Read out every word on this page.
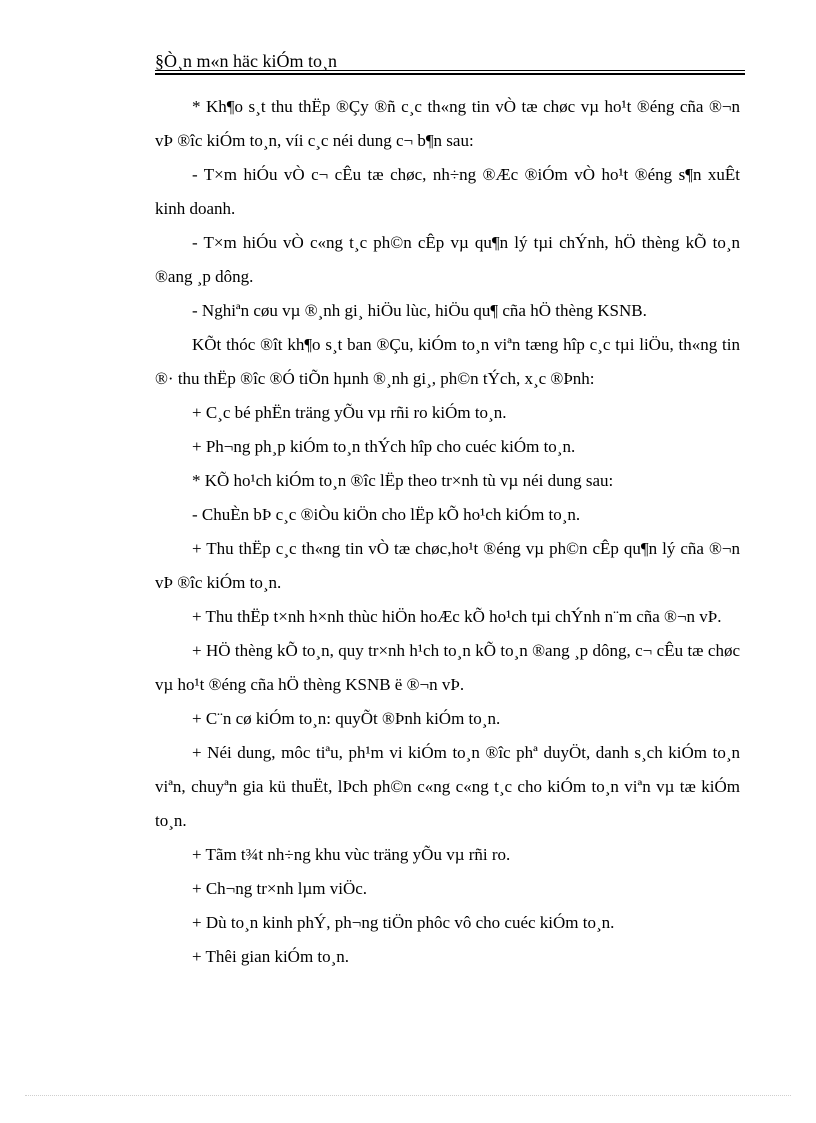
§Ò¸n m«n häc kiÓm to¸n

* Kh¶o s¸t thu thËp ®Çy ®ñ c¸c th«ng tin vÒ tæ chøc vµ ho¹t ®éng cña ®¬n vÞ ®îc kiÓm to¸n, víi c¸c néi dung c¬ b¶n sau:

- T×m hiÓu vÒ c¬ cÊu tæ chøc, nh÷ng ®Æc ®iÓm vÒ ho¹t ®éng s¶n xuÊt kinh doanh.

- T×m hiÓu vÒ c«ng t¸c ph©n cÊp vµ qu¶n lý tµi chÝnh, hÖ thèng kÕ to¸n ®ang ¸p dông.

- Nghiªn cøu vµ ®¸nh gi¸ hiÖu lùc, hiÖu qu¶ cña hÖ thèng KSNB.

KÕt thóc ®ît kh¶o s¸t ban ®Çu, kiÓm to¸n viªn tæng hîp c¸c tµi liÖu, th«ng tin ®· thu thËp ®îc ®Ó tiÕn hµnh ®¸nh gi¸, ph©n tÝch, x¸c ®Þnh:

+ C¸c bé phËn träng yÕu vµ rñi ro kiÓm to¸n.

+ Ph¬ng ph¸p kiÓm to¸n thÝch hîp cho cuéc kiÓm to¸n.

* KÕ ho¹ch kiÓm to¸n ®îc lËp theo tr×nh tù vµ néi dung sau:

- ChuÈn bÞ c¸c ®iÒu kiÖn cho lËp kÕ ho¹ch kiÓm to¸n.

+ Thu thËp c¸c th«ng tin vÒ tæ chøc,ho¹t ®éng vµ ph©n cÊp qu¶n lý cña ®¬n vÞ ®îc kiÓm to¸n.

+ Thu thËp t×nh h×nh thùc hiÖn hoÆc kÕ ho¹ch tµi chÝnh n¨m cña ®¬n vÞ.

+ HÖ thèng kÕ to¸n, quy tr×nh h¹ch to¸n kÕ to¸n ®ang ¸p dông, c¬ cÊu tæ chøc vµ ho¹t ®éng cña hÖ thèng KSNB ë ®¬n vÞ.

+ C¨n cø kiÓm to¸n: quyÕt ®Þnh kiÓm to¸n.

+ Néi dung, môc tiªu, ph¹m vi kiÓm to¸n ®îc phª duyÖt, danh s¸ch kiÓm to¸n viªn, chuyªn gia kü thuËt, lÞch ph©n c«ng c«ng t¸c cho kiÓm to¸n viªn vµ tæ kiÓm to¸n.

+ Tãm t¾t nh÷ng khu vùc träng yÕu vµ rñi ro.

+ Ch¬ng tr×nh lµm viÖc.

+ Dù to¸n kinh phÝ, ph¬ng tiÖn phôc vô cho cuéc kiÓm to¸n.

+ Thêi gian kiÓm to¸n.
